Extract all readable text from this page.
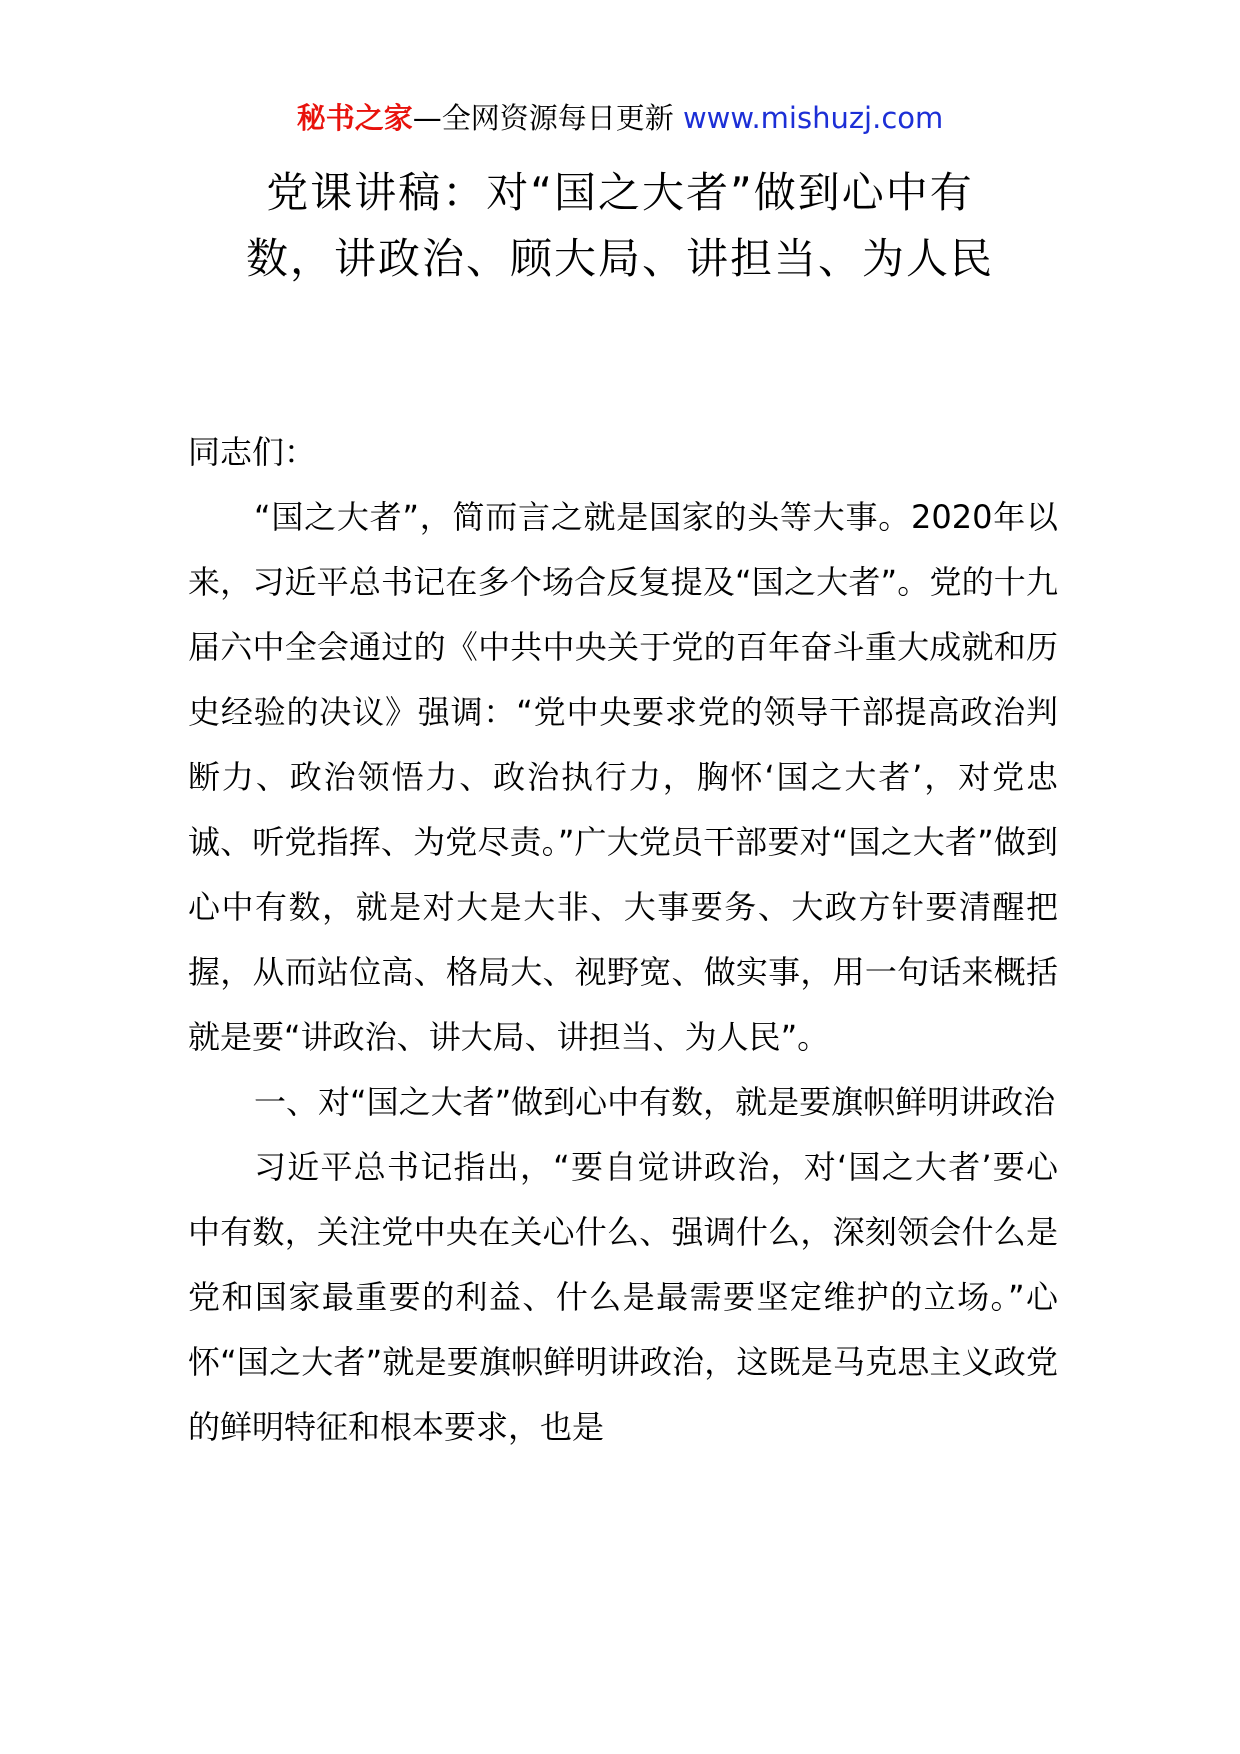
秘书之家—全网资源每日更新 www.mishuzj.com
党课讲稿：对“国之大者”做到心中有
数，讲政治、顾大局、讲担当、为人民

同志们：

“国之大者”，简而言之就是国家的头等大事。2020年以来，习近平总书记在多个场合反复提及“国之大者”。党的十九届六中全会通过的《中共中央关于党的百年奋斗重大成就和历史经验的决议》强调：“党中央要求党的领导干部提高政治判断力、政治领悟力、政治执行力，胸怀‘国之大者’，对党忠诚、听党指挥、为党尽责。”广大党员干部要对“国之大者”做到心中有数，就是对大是大非、大事要务、大政方针要清醒把握，从而站位高、格局大、视野宽、做实事，用一句话来概括就是要“讲政治、讲大局、讲担当、为人民”。

一、对“国之大者”做到心中有数，就是要旗帜鲜明讲政治

习近平总书记指出，“要自觉讲政治，对‘国之大者’要心中有数，关注党中央在关心什么、强调什么，深刻领会什么是党和国家最重要的利益、什么是最需要坚定维护的立场。”心怀“国之大者”就是要旗帜鲜明讲政治，这既是马克思主义政党的鲜明特征和根本要求，也是
